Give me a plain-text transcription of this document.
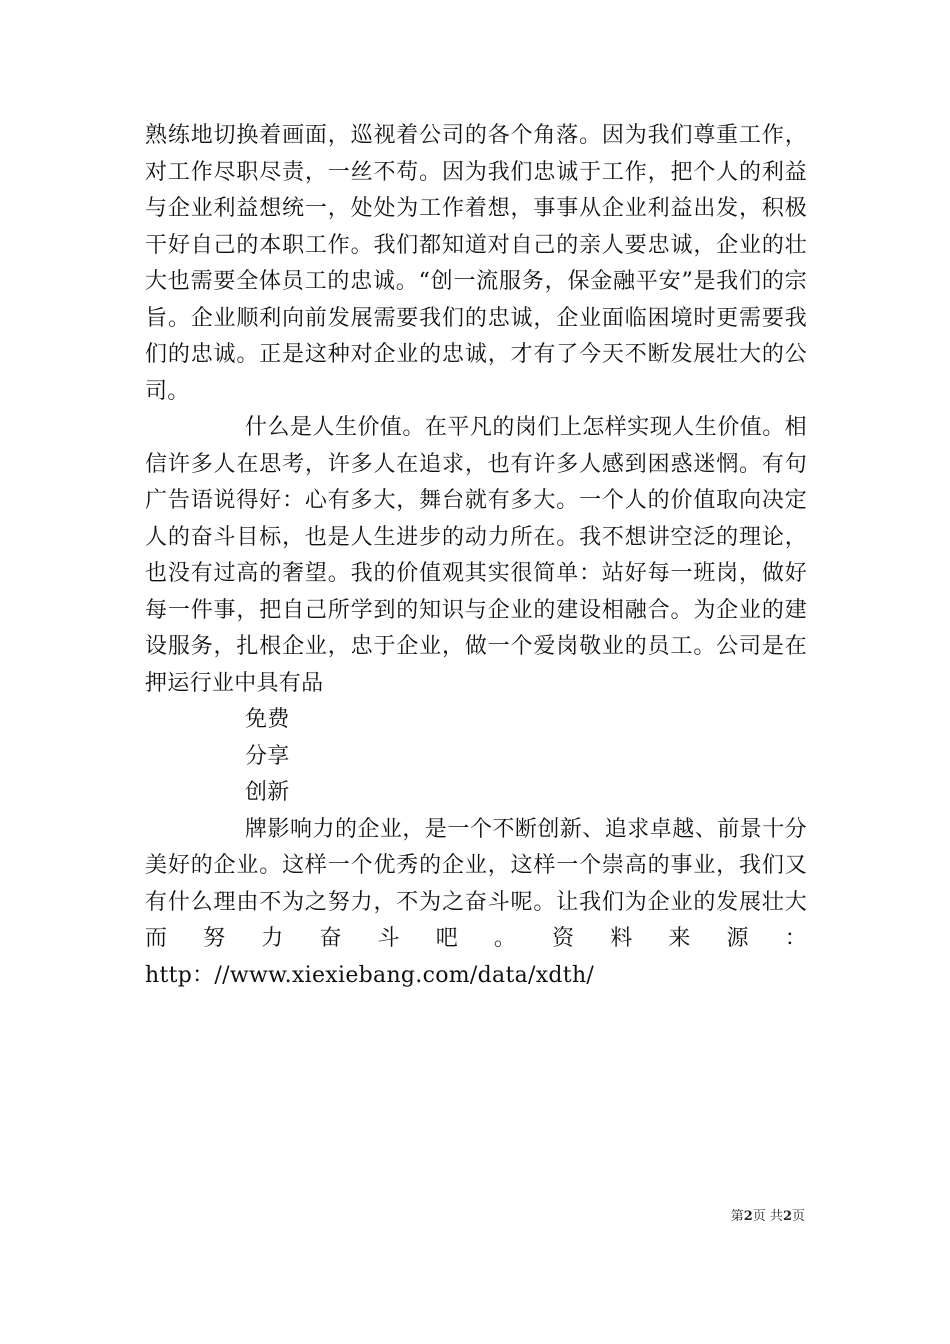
熟练地切换着画面，巡视着公司的各个角落。因为我们尊重工作，对工作尽职尽责，一丝不苟。因为我们忠诚于工作，把个人的利益与企业利益想统一，处处为工作着想，事事从企业利益出发，积极干好自己的本职工作。我们都知道对自己的亲人要忠诚，企业的壮大也需要全体员工的忠诚。“创一流服务，保金融平安”是我们的宗旨。企业顺利向前发展需要我们的忠诚，企业面临困境时更需要我们的忠诚。正是这种对企业的忠诚，才有了今天不断发展壮大的公司。

什么是人生价值。在平凡的岗们上怎样实现人生价值。相信许多人在思考，许多人在追求，也有许多人感到困惑迷惘。有句广告语说得好：心有多大，舞台就有多大。一个人的价值取向决定人的奋斗目标，也是人生进步的动力所在。我不想讲空泛的理论，也没有过高的奢望。我的价值观其实很简单：站好每一班岗，做好每一件事，把自己所学到的知识与企业的建设相融合。为企业的建设服务，扎根企业，忠于企业，做一个爱岗敬业的员工。公司是在押运行业中具有品

免费

分享

创新

牌影响力的企业，是一个不断创新、追求卓越、前景十分美好的企业。这样一个优秀的企业，这样一个崇高的事业，我们又有什么理由不为之努力，不为之奋斗呢。让我们为企业的发展壮大而努力奋斗吧。资料来源：http：//www.xiexiebang.com/data/xdth/

第2页 共2页
